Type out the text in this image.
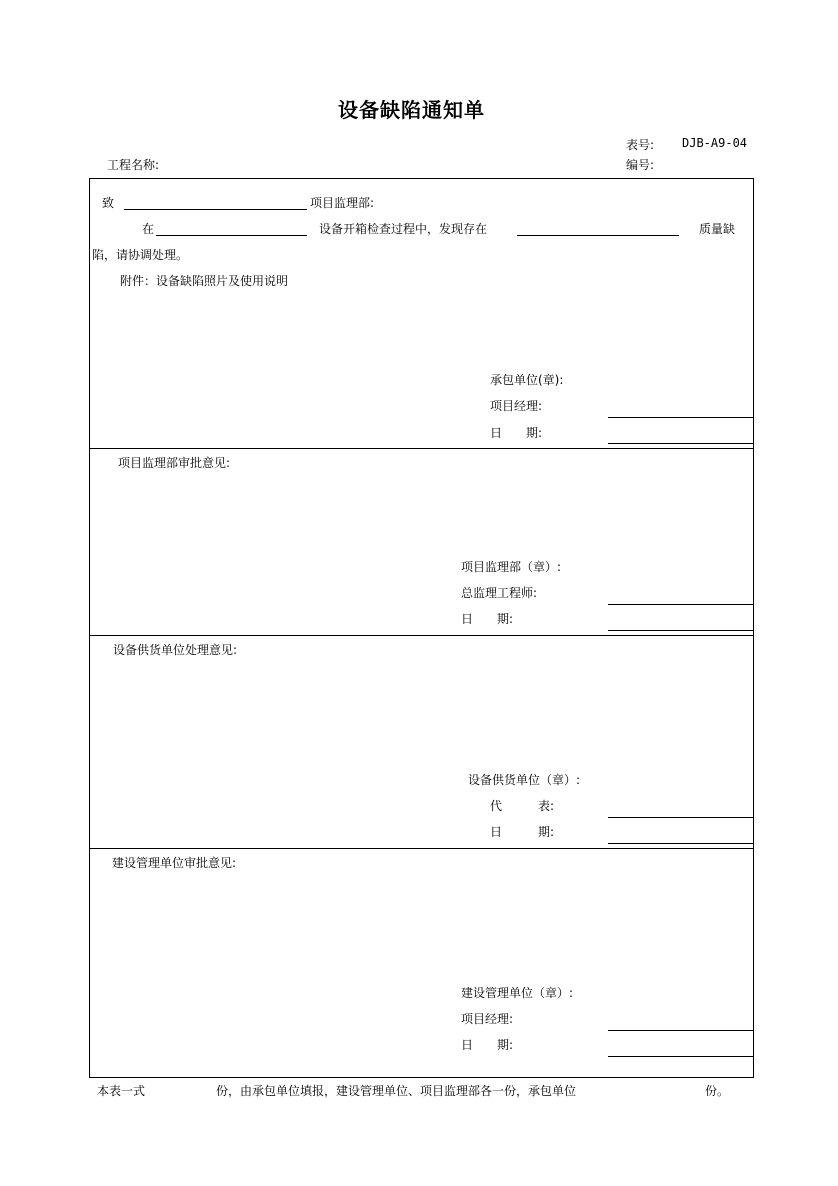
设备缺陷通知单
表号: DJB-A9-04
编号:
工程名称:
致	项目监理部:
在	设备开箱检查过程中，发现存在	质量缺
陷，请协调处理。
附件：设备缺陷照片及使用说明
承包单位(章):
项目经理:
日　　期:
项目监理部审批意见:
项目监理部（章）:
总监理工程师:
日　　期:
设备供货单位处理意见:
设备供货单位（章）:
代　　　表:
日　　　期:
建设管理单位审批意见:
建设管理单位（章）:
项目经理:
日　　期:
本表一式	份，由承包单位填报，建设管理单位、项目监理部各一份，承包单位	份。
